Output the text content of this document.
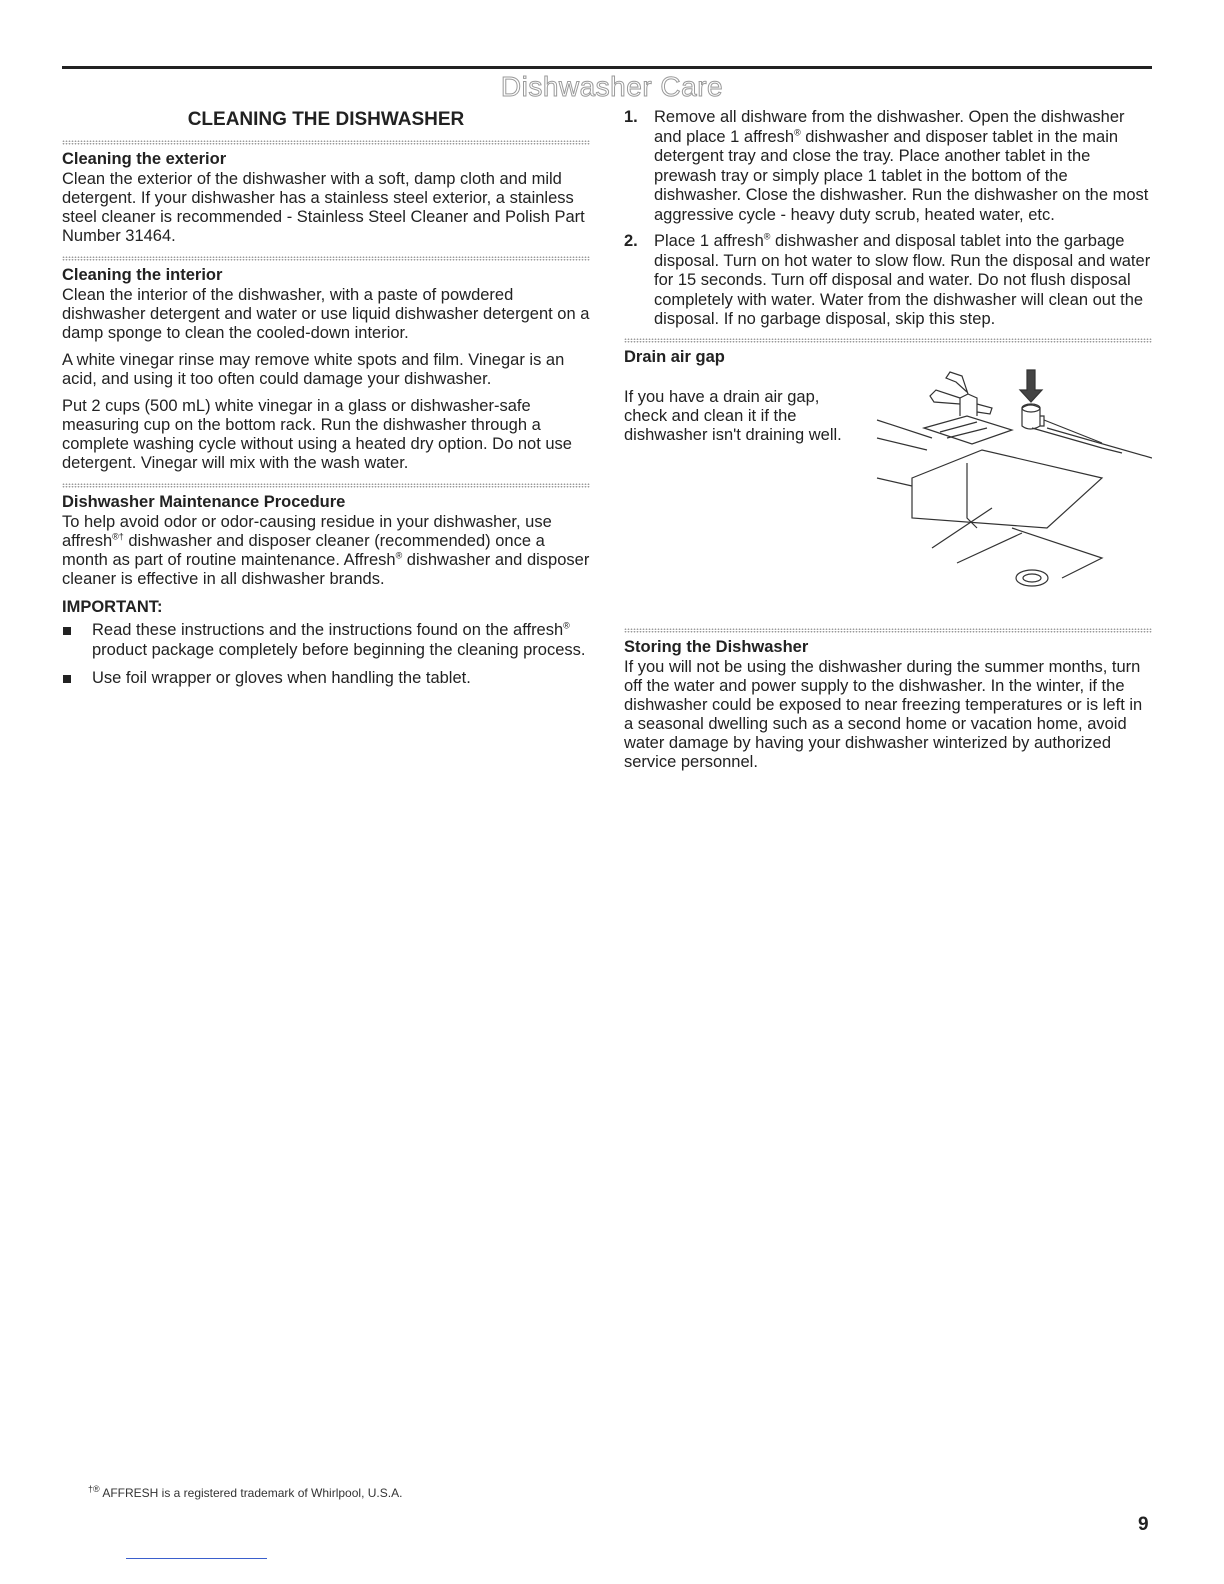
Dishwasher Care
CLEANING THE DISHWASHER
Cleaning the exterior

Clean the exterior of the dishwasher with a soft, damp cloth and mild detergent. If your dishwasher has a stainless steel exterior, a stainless steel cleaner is recommended - Stainless Steel Cleaner and Polish Part Number 31464.

Cleaning the interior

Clean the interior of the dishwasher, with a paste of powdered dishwasher detergent and water or use liquid dishwasher detergent on a damp sponge to clean the cooled-down interior.

A white vinegar rinse may remove white spots and film. Vinegar is an acid, and using it too often could damage your dishwasher.

Put 2 cups (500 mL) white vinegar in a glass or dishwasher-safe measuring cup on the bottom rack. Run the dishwasher through a complete washing cycle without using a heated dry option. Do not use detergent. Vinegar will mix with the wash water.

Dishwasher Maintenance Procedure

To help avoid odor or odor-causing residue in your dishwasher, use affresh®† dishwasher and disposer cleaner (recommended) once a month as part of routine maintenance. Affresh® dishwasher and disposer cleaner is effective in all dishwasher brands.

IMPORTANT:
Read these instructions and the instructions found on the affresh® product package completely before beginning the cleaning process.
Use foil wrapper or gloves when handling the tablet.
1. Remove all dishware from the dishwasher. Open the dishwasher and place 1 affresh® dishwasher and disposer tablet in the main detergent tray and close the tray. Place another tablet in the prewash tray or simply place 1 tablet in the bottom of the dishwasher. Close the dishwasher. Run the dishwasher on the most aggressive cycle - heavy duty scrub, heated water, etc.
2. Place 1 affresh® dishwasher and disposal tablet into the garbage disposal. Turn on hot water to slow flow. Run the disposal and water for 15 seconds. Turn off disposal and water. Do not flush disposal completely with water. Water from the dishwasher will clean out the disposal. If no garbage disposal, skip this step.
Drain air gap
If you have a drain air gap, check and clean it if the dishwasher isn't draining well.
Storing the Dishwasher

If you will not be using the dishwasher during the summer months, turn off the water and power supply to the dishwasher. In the winter, if the dishwasher could be exposed to near freezing temperatures or is left in a seasonal dwelling such as a second home or vacation home, avoid water damage by having your dishwasher winterized by authorized service personnel.

†® AFFRESH is a registered trademark of Whirlpool, U.S.A.
9
